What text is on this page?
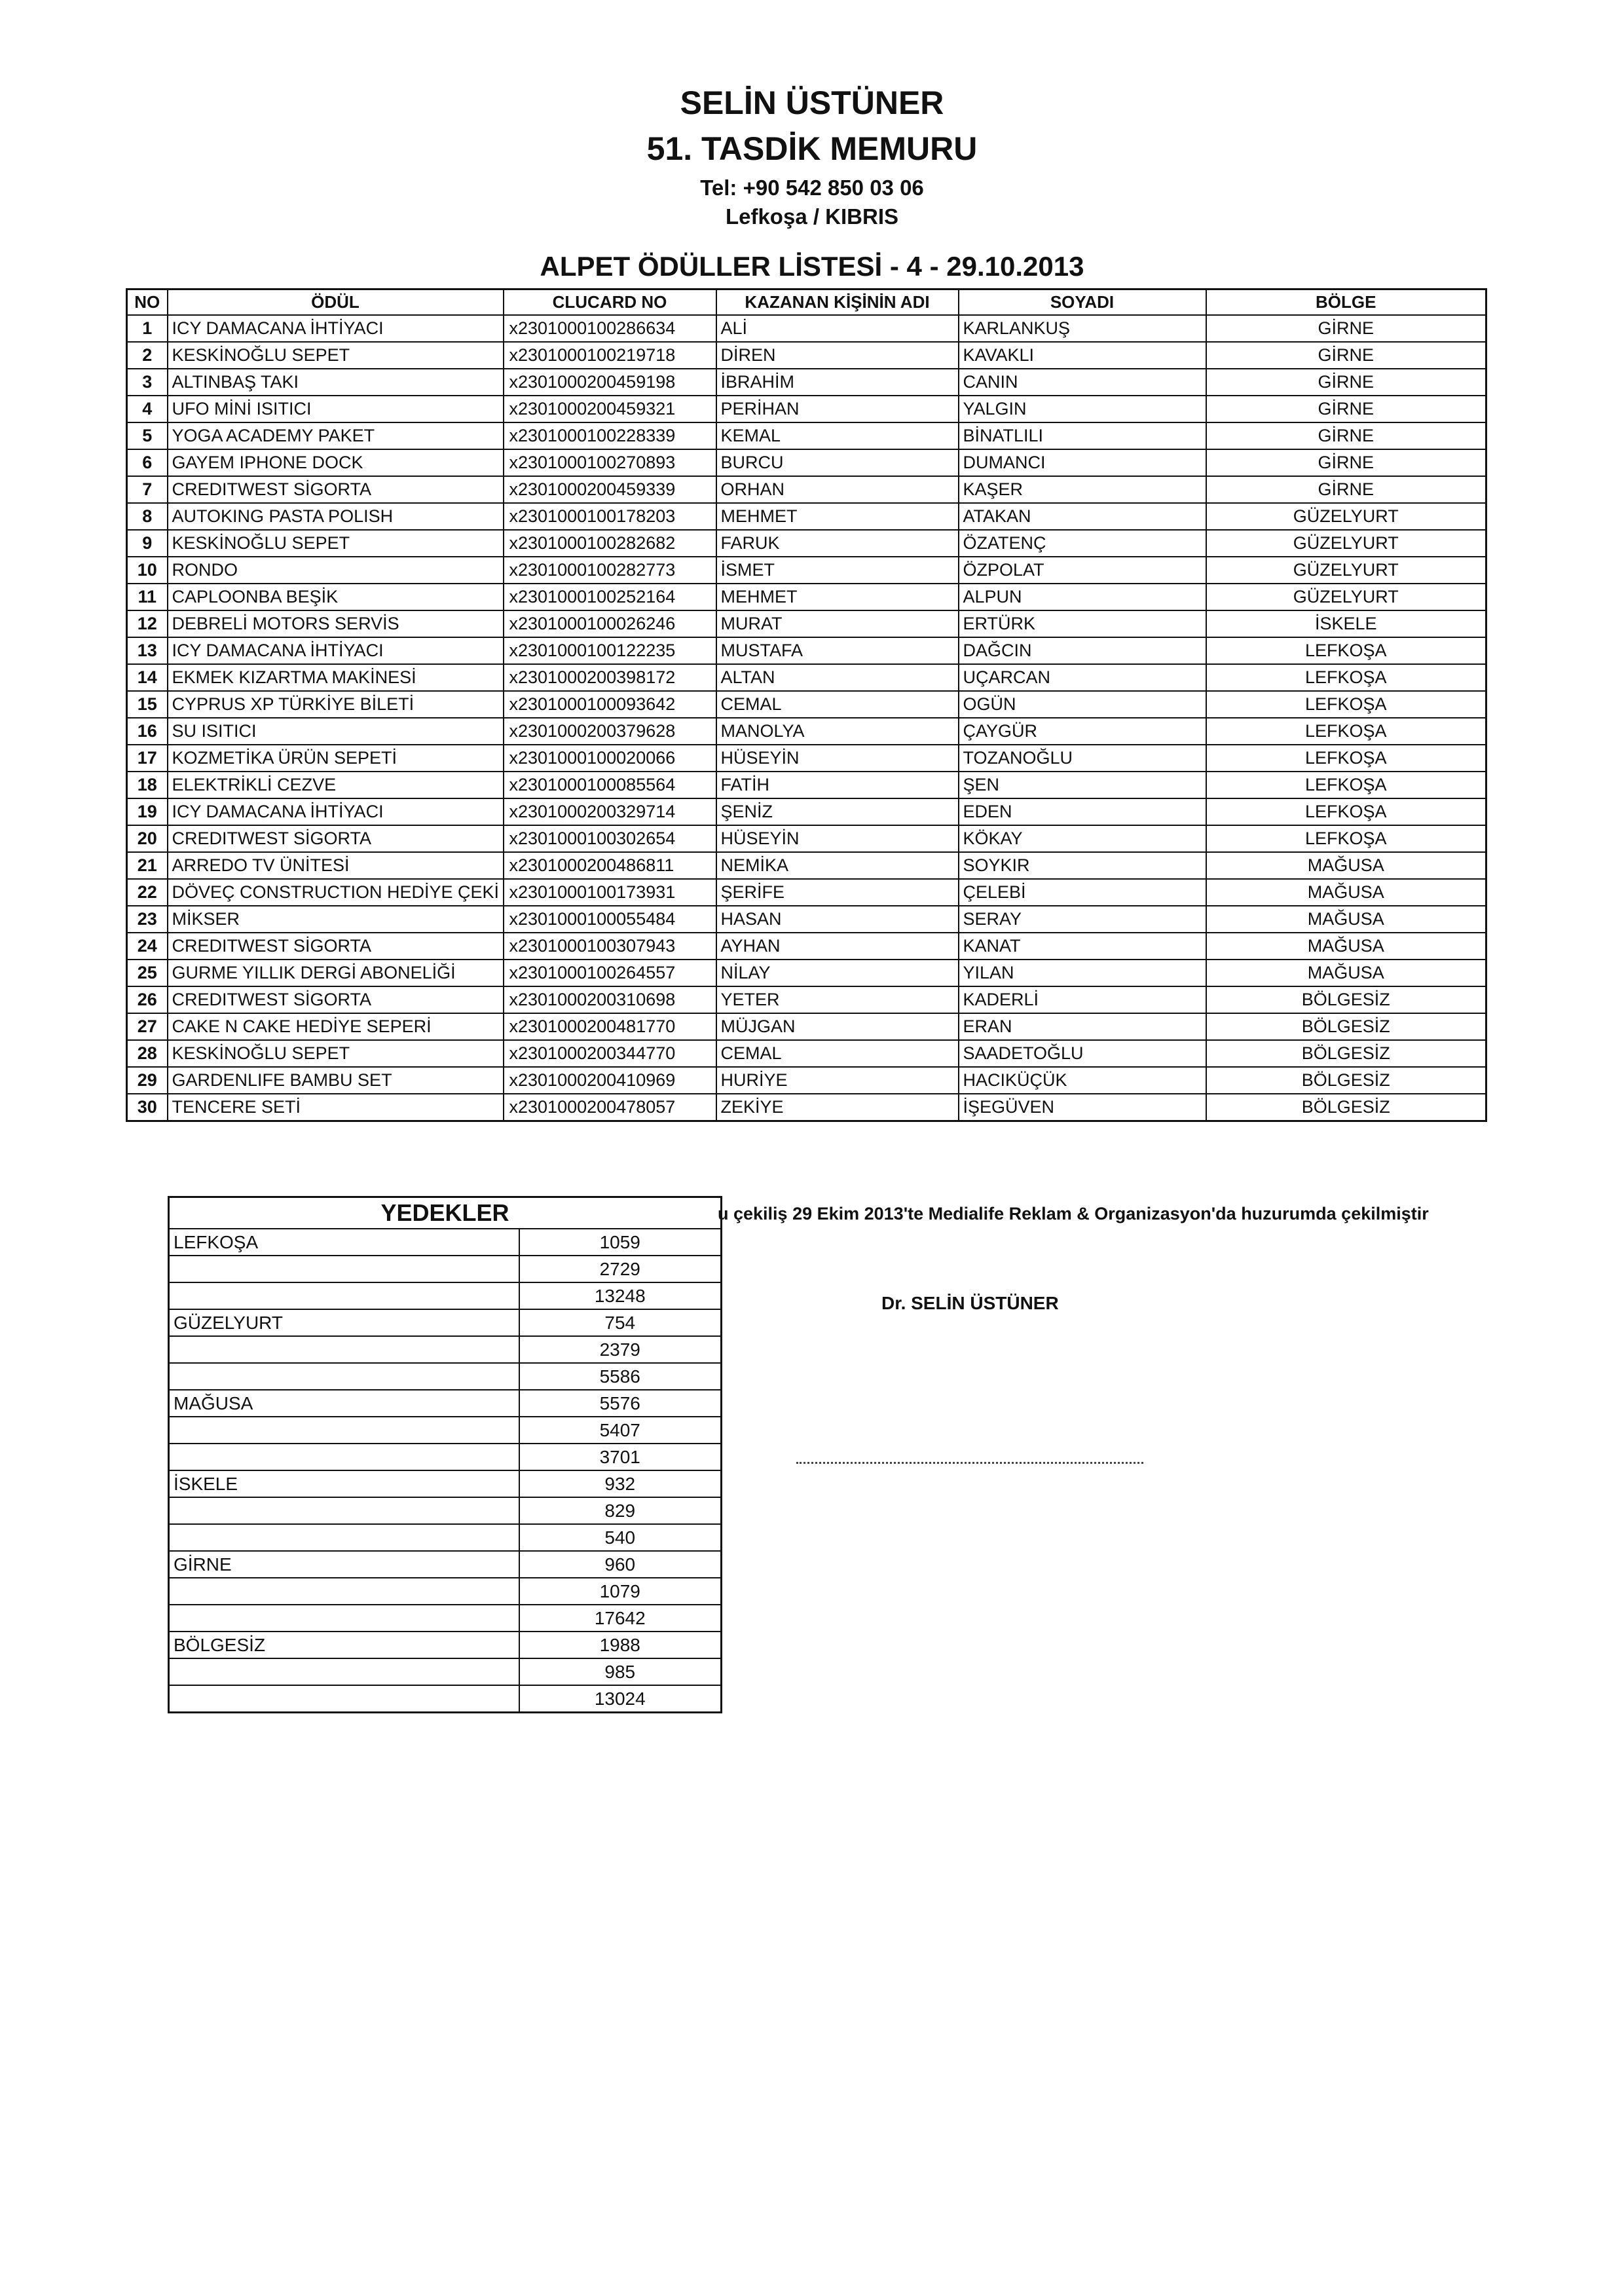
SELİN ÜSTÜNER
51. TASDİK MEMURU
Tel: +90 542 850 03 06
Lefkoşa / KIBRIS
ALPET ÖDÜLLER LİSTESİ - 4 - 29.10.2013
NO	ÖDÜL	CLUCARD NO	KAZANAN KİŞİNİN ADI	SOYADI	BÖLGE
1	ICY DAMACANA İHTİYACI	x2301000100286634	ALİ	KARLANKUŞ	GİRNE
2	KESKİNOĞLU SEPET	x2301000100219718	DİREN	KAVAKLI	GİRNE
3	ALTINBAŞ TAKI	x2301000200459198	İBRAHİM	CANIN	GİRNE
4	UFO MİNİ ISITICI	x2301000200459321	PERİHAN	YALGIN	GİRNE
5	YOGA ACADEMY PAKET	x2301000100228339	KEMAL	BİNATLILI	GİRNE
6	GAYEM IPHONE DOCK	x2301000100270893	BURCU	DUMANCI	GİRNE
7	CREDITWEST SİGORTA	x2301000200459339	ORHAN	KAŞER	GİRNE
8	AUTOKING PASTA POLISH	x2301000100178203	MEHMET	ATAKAN	GÜZELYURT
9	KESKİNOĞLU SEPET	x2301000100282682	FARUK	ÖZATENÇ	GÜZELYURT
10	RONDO	x2301000100282773	İSMET	ÖZPOLAT	GÜZELYURT
11	CAPLOONBA BEŞİK	x2301000100252164	MEHMET	ALPUN	GÜZELYURT
12	DEBRELİ MOTORS SERVİS	x2301000100026246	MURAT	ERTÜRK	İSKELE
13	ICY DAMACANA İHTİYACI	x2301000100122235	MUSTAFA	DAĞCIN	LEFKOŞA
14	EKMEK KIZARTMA MAKİNESİ	x2301000200398172	ALTAN	UÇARCAN	LEFKOŞA
15	CYPRUS XP TÜRKİYE BİLETİ	x2301000100093642	CEMAL	OGÜN	LEFKOŞA
16	SU ISITICI	x2301000200379628	MANOLYA	ÇAYGÜR	LEFKOŞA
17	KOZMETİKA ÜRÜN SEPETİ	x2301000100020066	HÜSEYİN	TOZANOĞLU	LEFKOŞA
18	ELEKTRİKLİ CEZVE	x2301000100085564	FATİH	ŞEN	LEFKOŞA
19	ICY DAMACANA İHTİYACI	x2301000200329714	ŞENİZ	EDEN	LEFKOŞA
20	CREDITWEST SİGORTA	x2301000100302654	HÜSEYİN	KÖKAY	LEFKOŞA
21	ARREDO TV ÜNİTESİ	x2301000200486811	NEMİKA	SOYKIR	MAĞUSA
22	DÖVEÇ CONSTRUCTION HEDİYE ÇEKİ	x2301000100173931	ŞERİFE	ÇELEBİ	MAĞUSA
23	MİKSER	x2301000100055484	HASAN	SERAY	MAĞUSA
24	CREDITWEST SİGORTA	x2301000100307943	AYHAN	KANAT	MAĞUSA
25	GURME YILLIK DERGİ ABONELİĞİ	x2301000100264557	NİLAY	YILAN	MAĞUSA
26	CREDITWEST SİGORTA	x2301000200310698	YETER	KADERLİ	BÖLGESİZ
27	CAKE N CAKE HEDİYE SEPERİ	x2301000200481770	MÜJGAN	ERAN	BÖLGESİZ
28	KESKİNOĞLU SEPET	x2301000200344770	CEMAL	SAADETOĞLU	BÖLGESİZ
29	GARDENLIFE BAMBU SET	x2301000200410969	HURİYE	HACIKÜÇÜK	BÖLGESİZ
30	TENCERE SETİ	x2301000200478057	ZEKİYE	İŞEGÜVEN	BÖLGESİZ
YEDEKLER	
LEFKOŞA	1059
	2729
	13248
GÜZELYURT	754
	2379
	5586
MAĞUSA	5576
	5407
	3701
İSKELE	932
	829
	540
GİRNE	960
	1079
	17642
BÖLGESİZ	1988
	985
	13024
u çekiliş 29 Ekim 2013'te Medialife Reklam & Organizasyon'da huzurumda çekilmiştir
Dr. SELİN ÜSTÜNER
